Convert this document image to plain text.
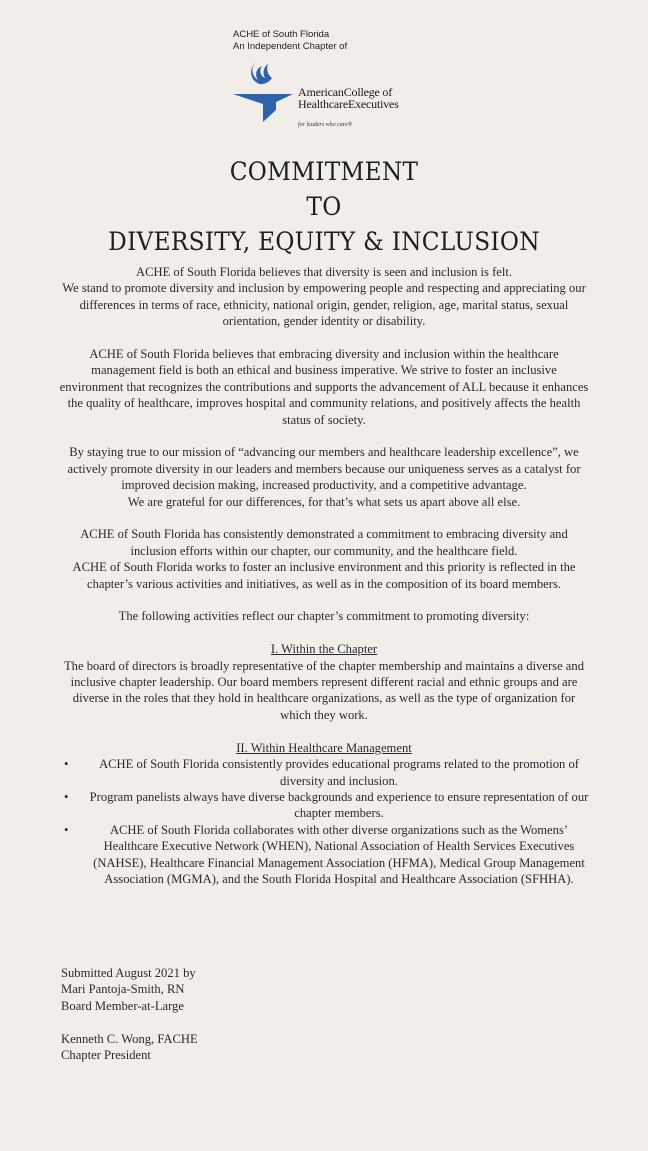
ACHE of South Florida
An Independent Chapter of
AmericanCollege of
HealthcareExecutives
for leaders who care®
COMMITMENT
TO
DIVERSITY, EQUITY & INCLUSION

ACHE of South Florida believes that diversity is seen and inclusion is felt.

We stand to promote diversity and inclusion by empowering people and respecting and appreciating our differences in terms of race, ethnicity, national origin, gender, religion, age, marital status, sexual orientation, gender identity or disability.

ACHE of South Florida believes that embracing diversity and inclusion within the healthcare management field is both an ethical and business imperative. We strive to foster an inclusive environment that recognizes the contributions and supports the advancement of ALL because it enhances the quality of healthcare, improves hospital and community relations, and positively affects the health status of society.

By staying true to our mission of “advancing our members and healthcare leadership excellence”, we actively promote diversity in our leaders and members because our uniqueness serves as a catalyst for improved decision making, increased productivity, and a competitive advantage.

We are grateful for our differences, for that’s what sets us apart above all else.

ACHE of South Florida has consistently demonstrated a commitment to embracing diversity and inclusion efforts within our chapter, our community, and the healthcare field.

ACHE of South Florida works to foster an inclusive environment and this priority is reflected in the chapter’s various activities and initiatives, as well as in the composition of its board members.

The following activities reflect our chapter’s commitment to promoting diversity:

I. Within the Chapter

The board of directors is broadly representative of the chapter membership and maintains a diverse and inclusive chapter leadership. Our board members represent different racial and ethnic groups and are diverse in the roles that they hold in healthcare organizations, as well as the type of organization for which they work.

II. Within Healthcare Management

• ACHE of South Florida consistently provides educational programs related to the promotion of diversity and inclusion.
• Program panelists always have diverse backgrounds and experience to ensure representation of our chapter members.
• ACHE of South Florida collaborates with other diverse organizations such as the Womens’ Healthcare Executive Network (WHEN), National Association of Health Services Executives (NAHSE), Healthcare Financial Management Association (HFMA), Medical Group Management Association (MGMA), and the South Florida Hospital and Healthcare Association (SFHHA).
Submitted August 2021 by
Mari Pantoja-Smith, RN
Board Member-at-Large
Kenneth C. Wong, FACHE
Chapter President
